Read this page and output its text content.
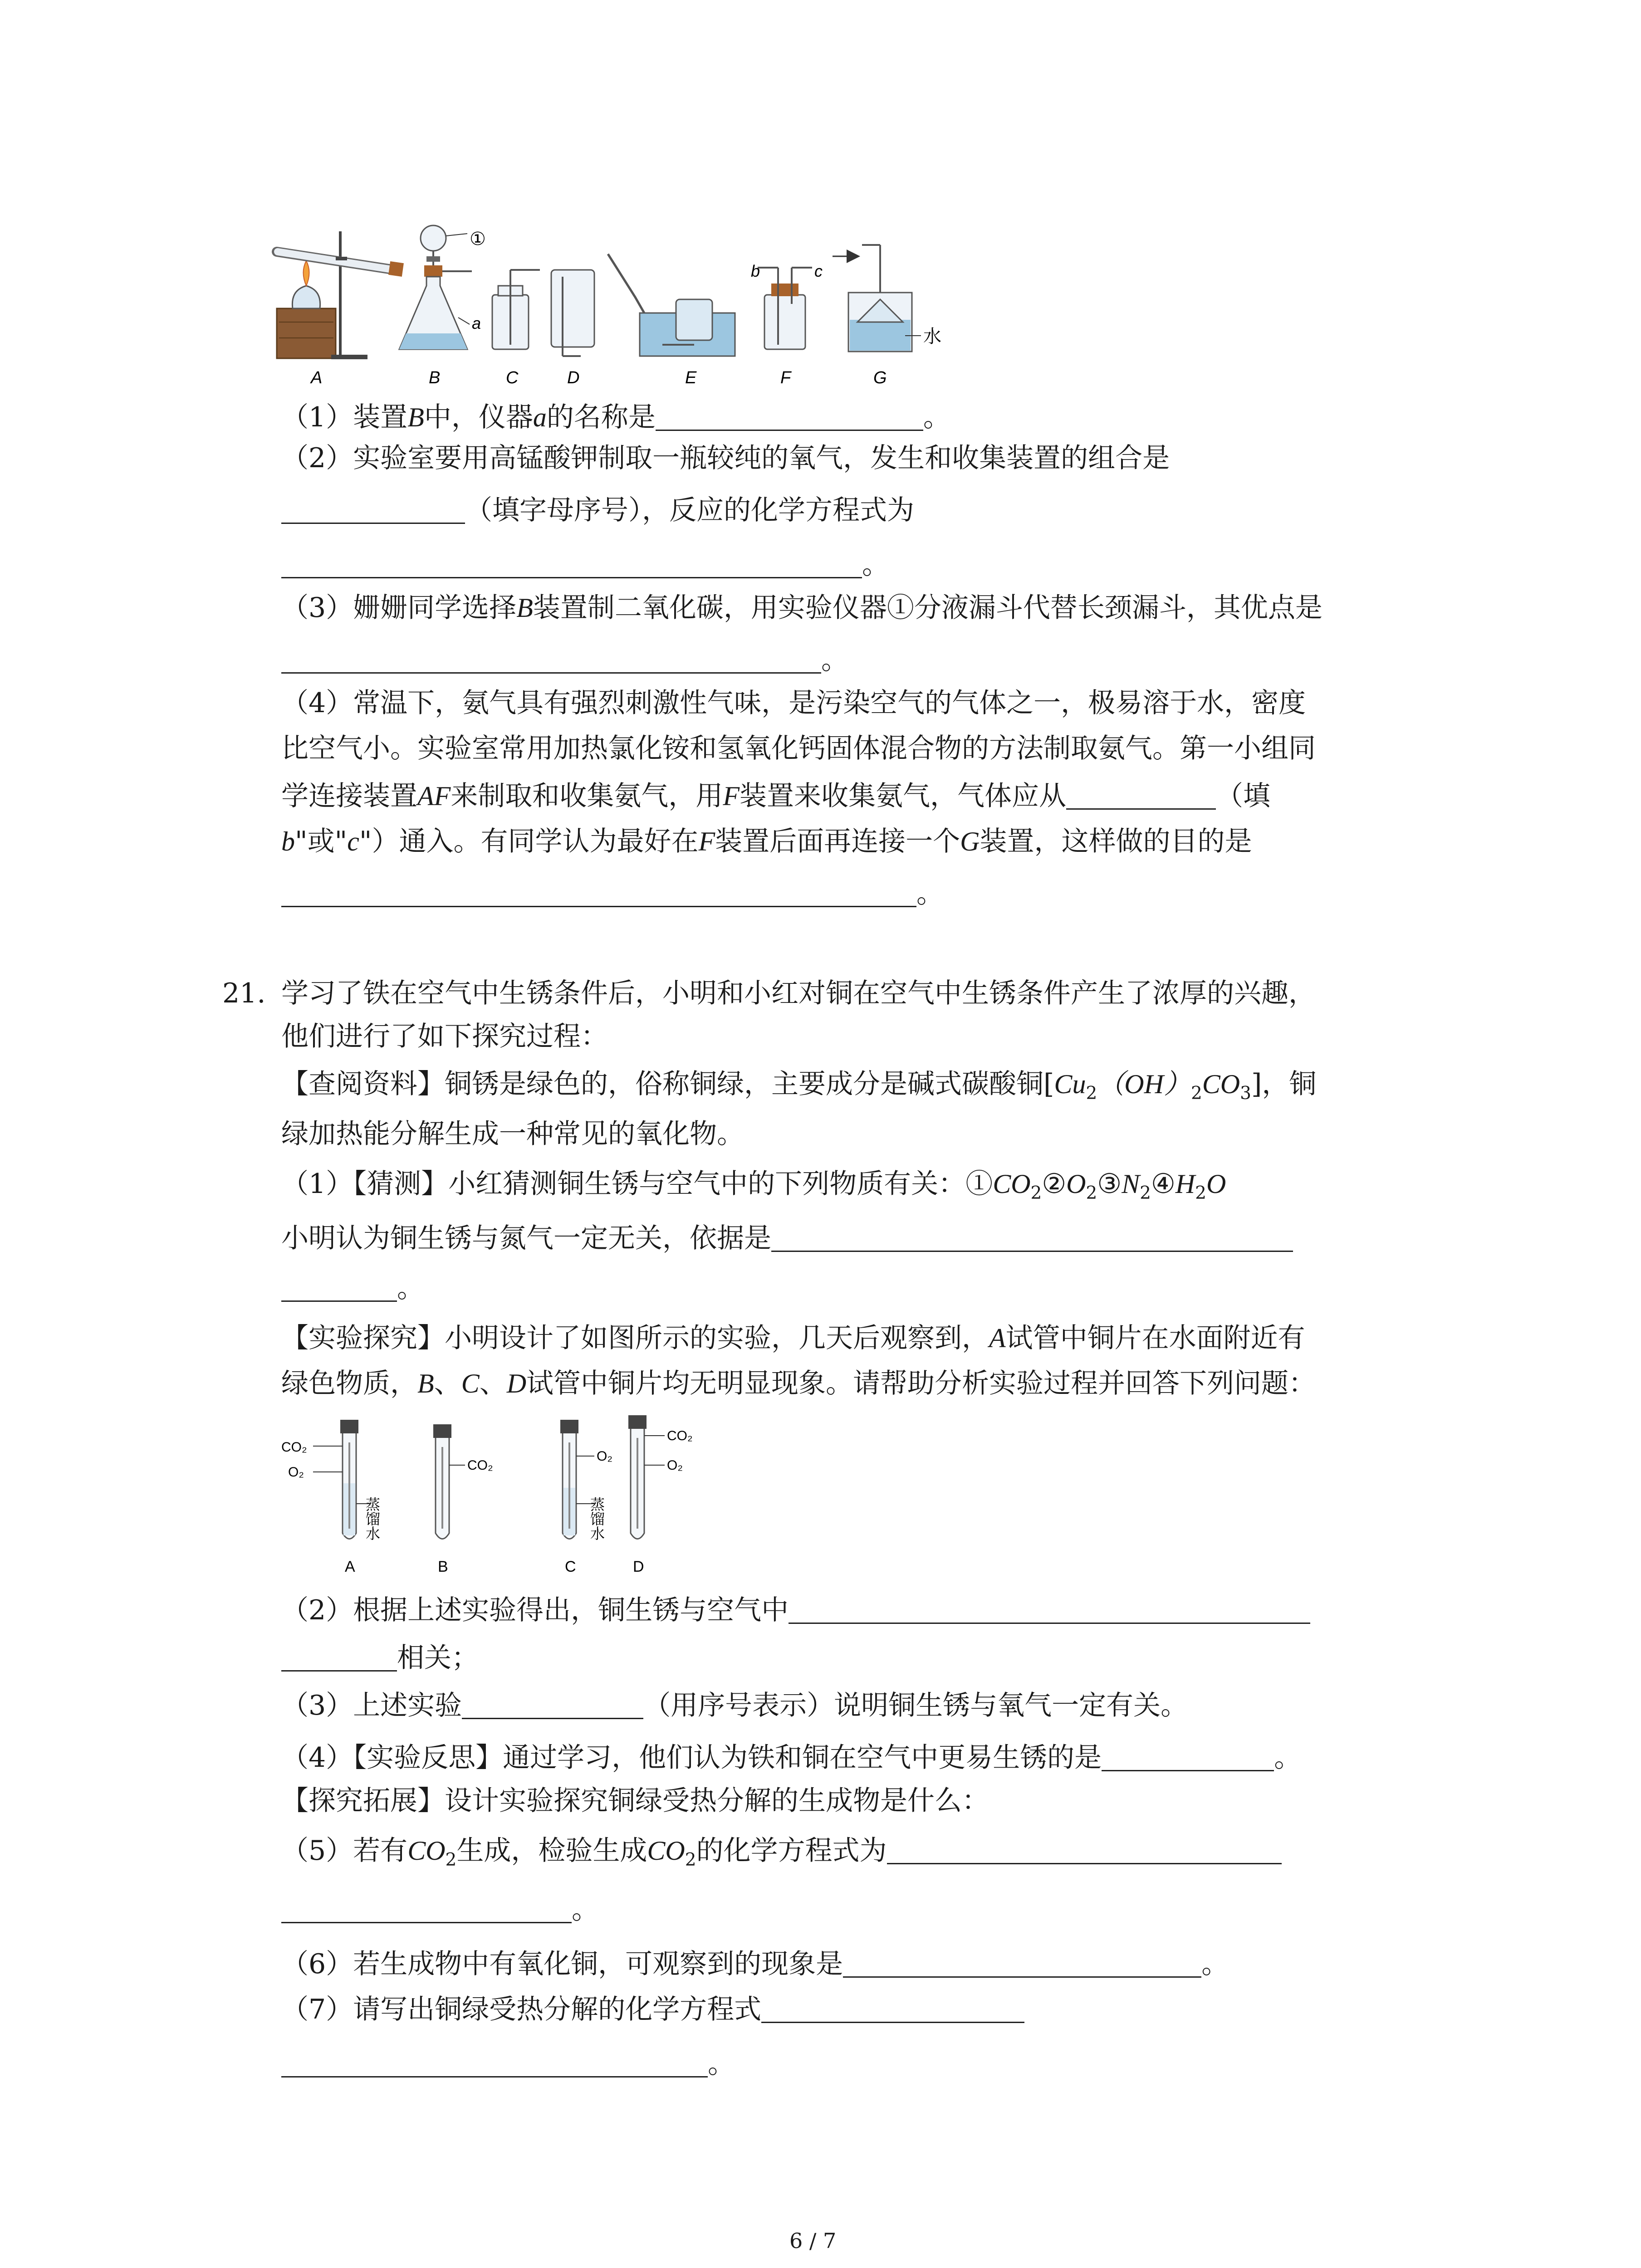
①
a
b	c
水
A	B	C	D	E	F	G
（1）装置B中，仪器a的名称是	。
（2）实验室要用高锰酸钾制取一瓶较纯的氧气，发生和收集装置的组合是
（填字母序号），反应的化学方程式为
。
（3）姗姗同学选择B装置制二氧化碳，用实验仪器①分液漏斗代替长颈漏斗，其优点是
。
（4）常温下，氨气具有强烈刺激性气味，是污染空气的气体之一，极易溶于水，密度
比空气小。实验室常用加热氯化铵和氢氧化钙固体混合物的方法制取氨气。第一小组同
学连接装置AF来制取和收集氨气，用F装置来收集氨气，气体应从	（填
b"或"c"）通入。有同学认为最好在F装置后面再连接一个G装置，这样做的目的是
。
21. 学习了铁在空气中生锈条件后，小明和小红对铜在空气中生锈条件产生了浓厚的兴趣，
他们进行了如下探究过程：
【查阅资料】铜锈是绿色的，俗称铜绿，主要成分是碱式碳酸铜$[Cu_2(OH)_2CO_3]$，铜
绿加热能分解生成一种常见的氧化物。
（1）【猜测】小红猜测铜生锈与空气中的下列物质有关：$①CO_2②O_2③N_2④H_2O$
小明认为铜生锈与氮气一定无关，依据是
。
【实验探究】小明设计了如图所示的实验，几天后观察到，A试管中铜片在水面附近有
绿色物质，B、C、D试管中铜片均无明显现象。请帮助分析实验过程并回答下列问题：
CO₂
O₂	CO₂
O₂
CO₂
O₂
蒸馏水	蒸馏水
A	B	C	D
（2）根据上述实验得出，铜生锈与空气中
相关；
（3）上述实验	（用序号表示）说明铜生锈与氧气一定有关。
（4）【实验反思】通过学习，他们认为铁和铜在空气中更易生锈的是	。
【探究拓展】设计实验探究铜绿受热分解的生成物是什么：
（5）若有$CO_2$生成，检验生成$CO_2$的化学方程式为
。
（6）若生成物中有氧化铜，可观察到的现象是	。
（7）请写出铜绿受热分解的化学方程式
。
6 / 7
